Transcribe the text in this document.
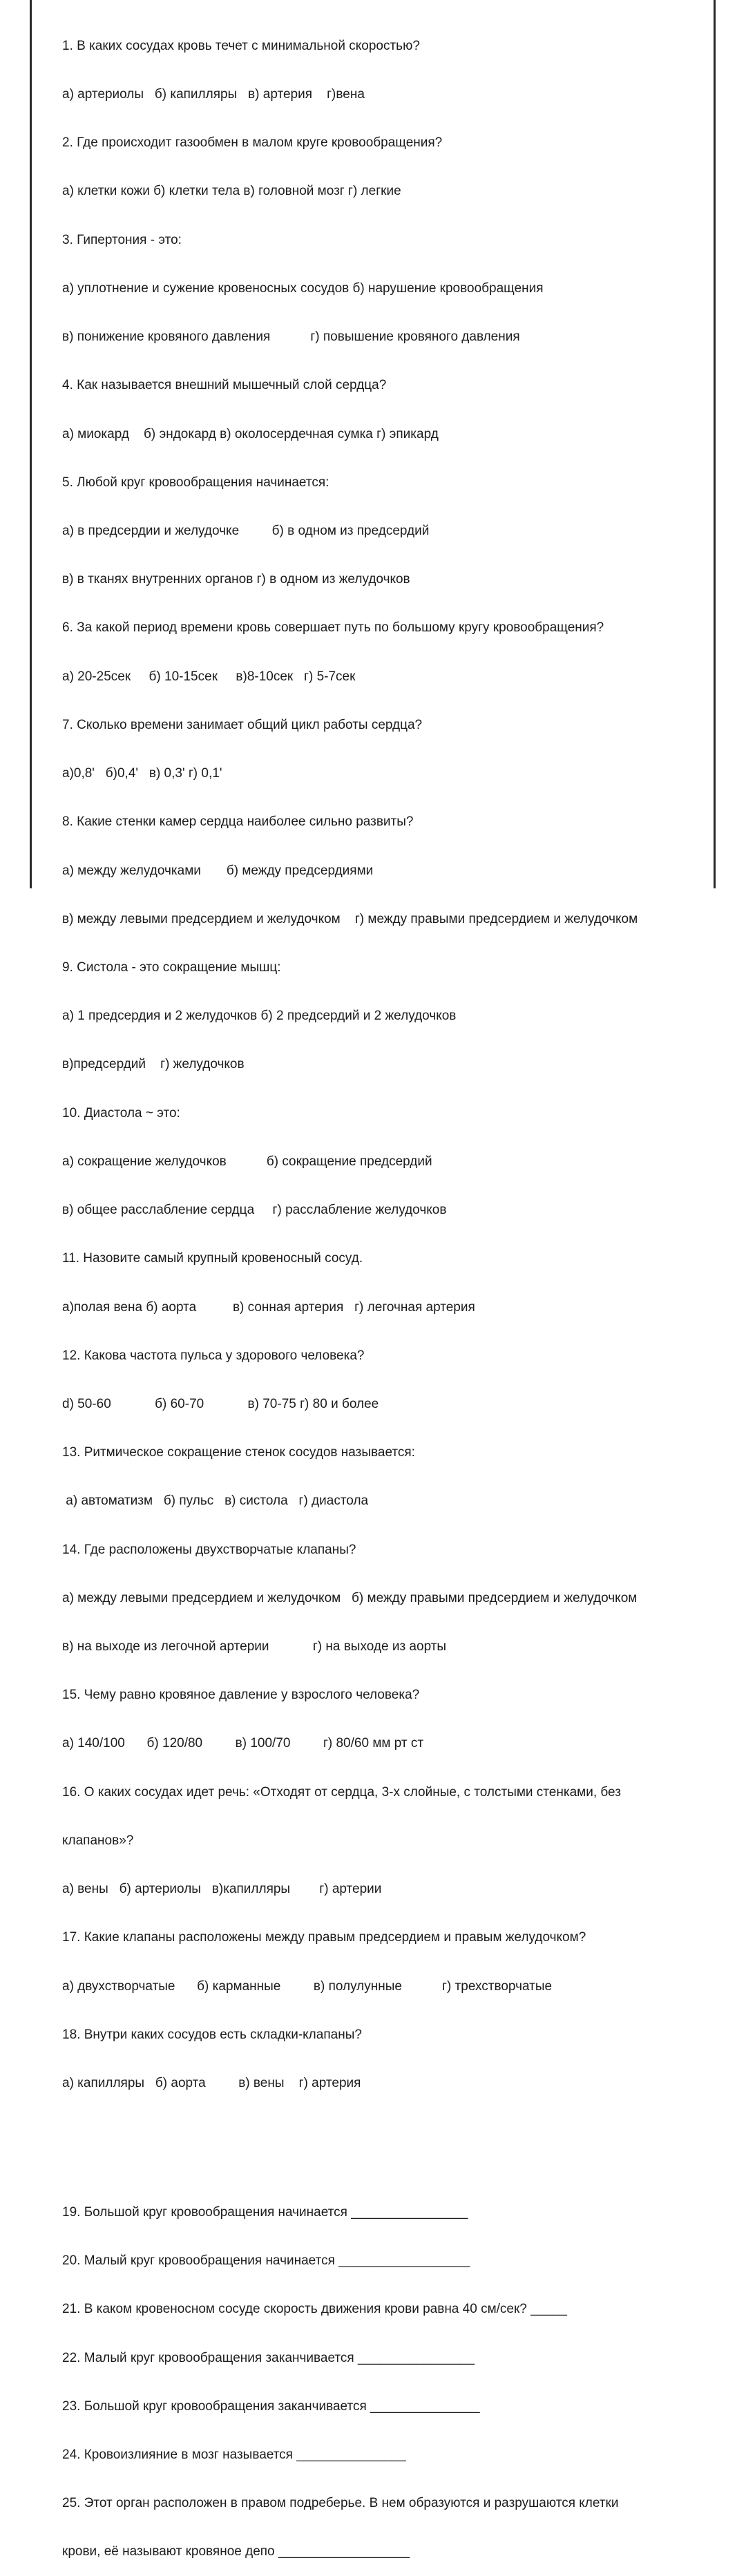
1. В каких сосудах кровь течет с минимальной скоростью?

а) артериолы   б) капилляры   в) артерия    г)вена

2. Где происходит газообмен в малом круге кровообращения?

а) клетки кожи б) клетки тела в) головной мозг г) легкие

3. Гипертония - это:

а) уплотнение и сужение кровеносных сосудов б) нарушение кровообращения

в) понижение кровяного давления           г) повышение кровяного давления

4. Как называется внешний мышечный слой сердца?

а) миокард    б) эндокард в) околосердечная сумка г) эпикард

5. Любой круг кровообращения начинается:

а) в предсердии и желудочке         б) в одном из предсердий

в) в тканях внутренних органов г) в одном из желудочков

6. За какой период времени кровь совершает путь по большому кругу кровообращения?

а) 20-25сек     б) 10-15сек     в)8-10сек   г) 5-7сек

7. Сколько времени занимает общий цикл работы сердца?

а)0,8'   б)0,4'   в) 0,3' г) 0,1'

8. Какие стенки камер сердца наиболее сильно развиты?

а) между желудочками       б) между предсердиями

в) между левыми предсердием и желудочком    г) между правыми предсердием и желудочком

9. Систола - это сокращение мышц:

а) 1 предсердия и 2 желудочков б) 2 предсердий и 2 желудочков

в)предсердий    г) желудочков

10. Диастола ~ это:

а) сокращение желудочков           б) сокращение предсердий

в) общее расслабление сердца     г) расслабление желудочков

11. Назовите самый крупный кровеносный сосуд.

а)полая вена б) аорта          в) сонная артерия   г) легочная артерия

12. Какова частота пульса у здорового человека?

d) 50-60            б) 60-70            в) 70-75 г) 80 и более

13. Ритмическое сокращение стенок сосудов называется:

а) автоматизм   б) пульс   в) систола   г) диастола

14. Где расположены двухстворчатые клапаны?

а) между левыми предсердием и желудочком   б) между правыми предсердием и желудочком

в) на выходе из легочной артерии            г) на выходе из аорты

15. Чему равно кровяное давление у взрослого человека?

а) 140/100      б) 120/80         в) 100/70         г) 80/60 мм рт ст

16. О каких сосудах идет речь: «Отходят от сердца, 3-х слойные, с толстыми стенками, без

клапанов»?

а) вены   б) артериолы   в)капилляры        г) артерии

17. Какие клапаны расположены между правым предсердием и правым желудочком?

а) двухстворчатые      б) карманные         в) полулунные           г) трехстворчатые

18. Внутри каких сосудов есть складки-клапаны?

а) капилляры   б) аорта         в) вены    г) артерия

19. Большой круг кровообращения начинается ________________

20. Малый круг кровообращения начинается __________________

21. В каком кровеносном сосуде скорость движения крови равна 40 см/сек? _____

22. Малый круг кровообращения заканчивается ________________

23. Большой круг кровообращения заканчивается _______________

24. Кровоизлияние в мозг называется _______________

25. Этот орган расположен в правом подреберье. В нем образуются и разрушаются клетки

крови, её называют кровяное депо __________________
